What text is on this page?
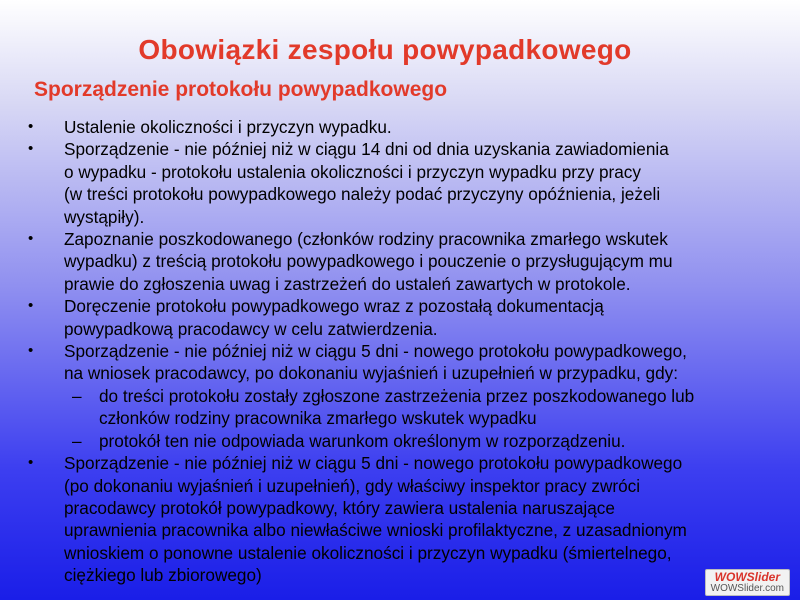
Obowiązki zespołu powypadkowego
Sporządzenie protokołu powypadkowego
•	Ustalenie okoliczności i przyczyn wypadku.
•	Sporządzenie - nie później niż w ciągu 14 dni od dnia uzyskania zawiadomienia
o wypadku - protokołu ustalenia okoliczności i przyczyn wypadku przy pracy
(w treści protokołu powypadkowego należy podać przyczyny opóźnienia, jeżeli
wystąpiły).
•	Zapoznanie poszkodowanego (członków rodziny pracownika zmarłego wskutek
wypadku) z treścią protokołu powypadkowego i pouczenie o przysługującym mu
prawie do zgłoszenia uwag i zastrzeżeń do ustaleń zawartych w protokole.
•	Doręczenie protokołu powypadkowego wraz z pozostałą dokumentacją
powypadkową pracodawcy w celu zatwierdzenia.
•	Sporządzenie - nie później niż w ciągu 5 dni - nowego protokołu powypadkowego,
na wniosek pracodawcy, po dokonaniu wyjaśnień i uzupełnień w przypadku, gdy:
– do treści protokołu zostały zgłoszone zastrzeżenia przez poszkodowanego lub
członków rodziny pracownika zmarłego wskutek wypadku
– protokół ten nie odpowiada warunkom określonym w rozporządzeniu.
•	Sporządzenie - nie później niż w ciągu 5 dni - nowego protokołu powypadkowego
(po dokonaniu wyjaśnień i uzupełnień), gdy właściwy inspektor pracy zwróci
pracodawcy protokół powypadkowy, który zawiera ustalenia naruszające
uprawnienia pracownika albo niewłaściwe wnioski profilaktyczne, z uzasadnionym
wnioskiem o ponowne ustalenie okoliczności i przyczyn wypadku (śmiertelnego,
ciężkiego lub zbiorowego)	WOWSlider
WOWSlider.com
